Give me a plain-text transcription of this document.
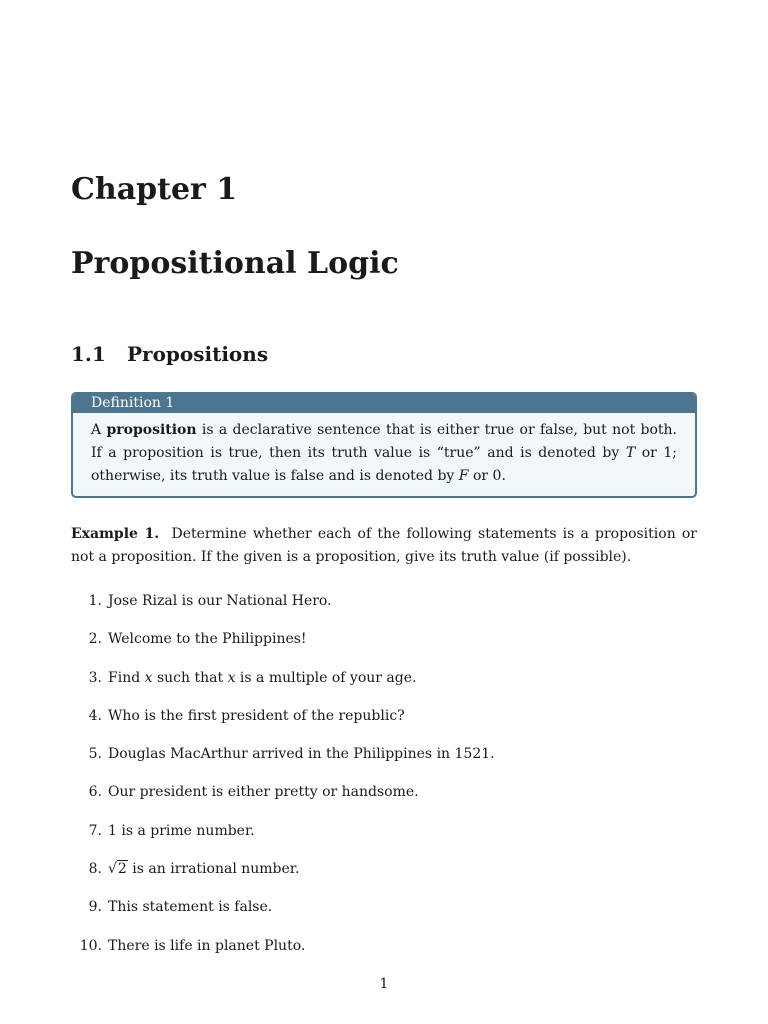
Chapter 1
Propositional Logic
1.1 Propositions
Definition 1
A proposition is a declarative sentence that is either true or false, but not both. If a proposition is true, then its truth value is “true” and is denoted by T or 1; otherwise, its truth value is false and is denoted by F or 0.

Example 1. Determine whether each of the following statements is a proposition or not a proposition. If the given is a proposition, give its truth value (if possible).

1. Jose Rizal is our National Hero.
2. Welcome to the Philippines!
3. Find x such that x is a multiple of your age.
4. Who is the first president of the republic?
5. Douglas MacArthur arrived in the Philippines in 1521.
6. Our president is either pretty or handsome.
7. 1 is a prime number.
8. √2 is an irrational number.
9. This statement is false.
10. There is life in planet Pluto.
1
